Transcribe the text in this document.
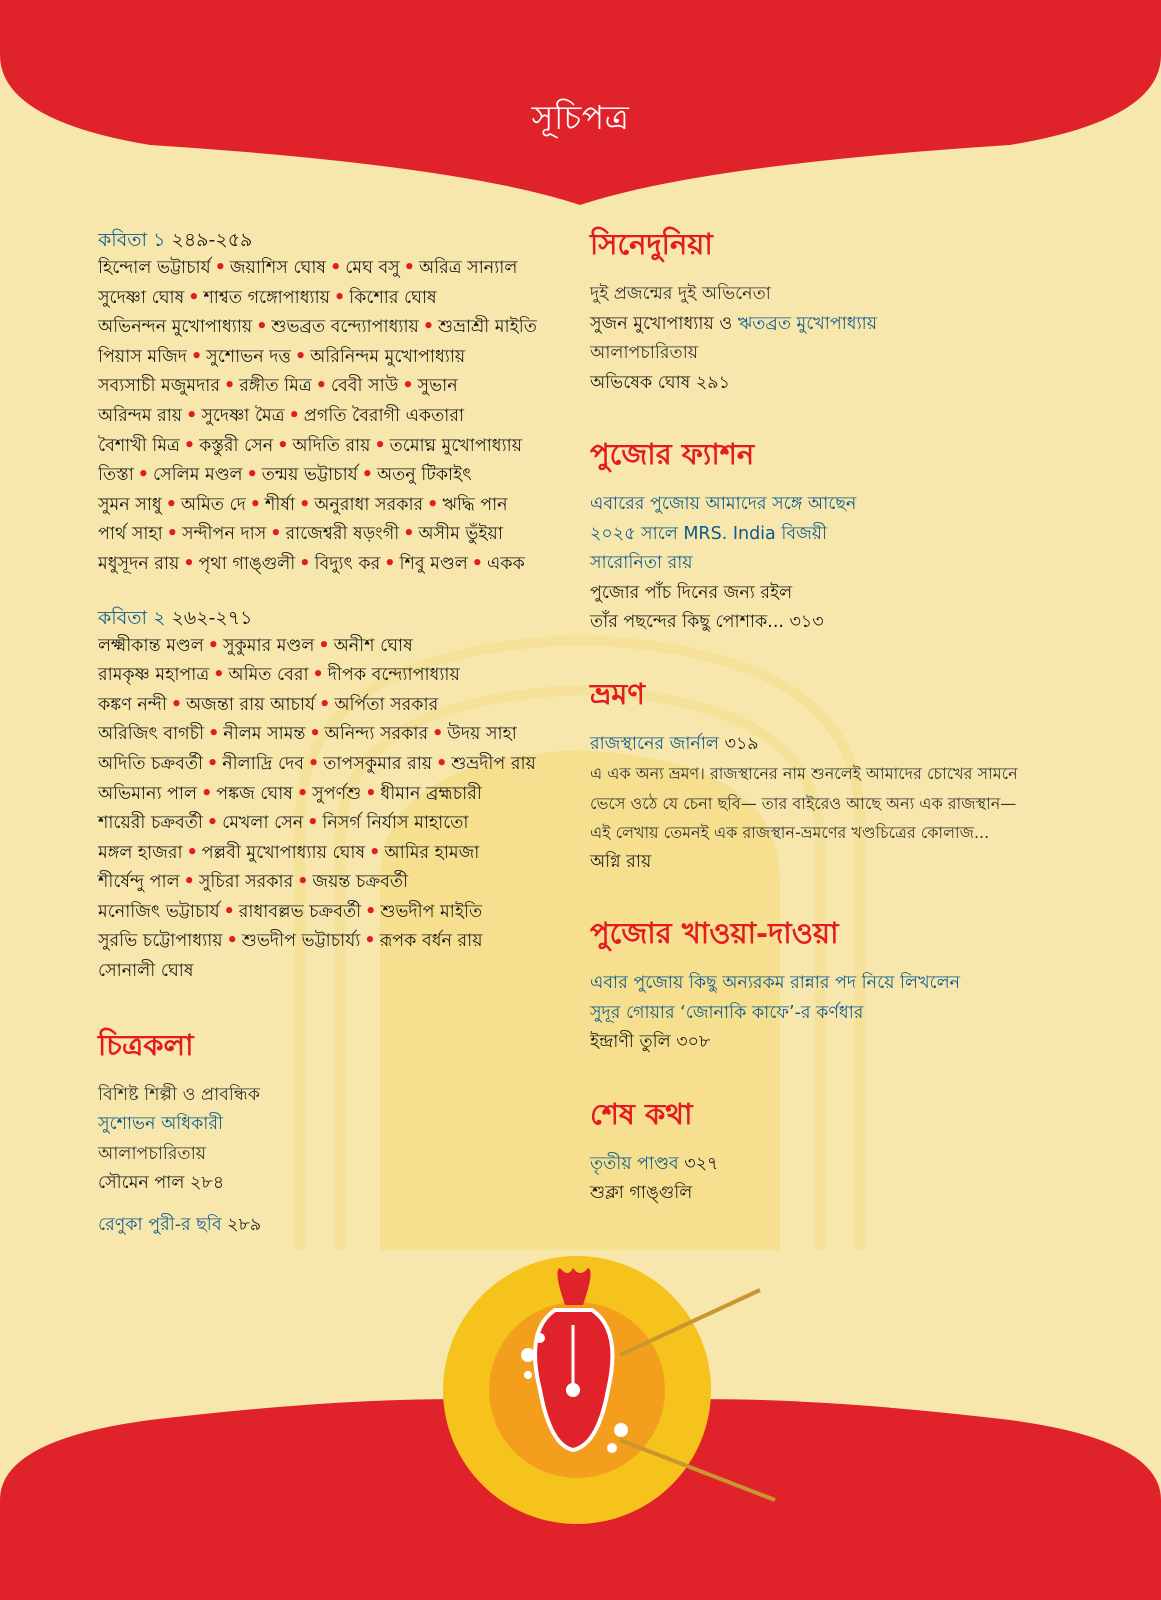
সূচিপত্র

কবিতা ১ ২৪৯-২৫৯

হিন্দোল ভট্টাচার্য • জয়াশিস ঘোষ • মেঘ বসু • অরিত্র সান্যাল
সুদেষ্ণা ঘোষ • শাশ্বত গঙ্গোপাধ্যায় • কিশোর ঘোষ
অভিনন্দন মুখোপাধ্যায় • শুভব্রত বন্দ্যোপাধ্যায় • শুভ্রাশ্রী মাইতি
পিয়াস মজিদ • সুশোভন দত্ত • অরিনিন্দম মুখোপাধ্যায়
সব্যসাচী মজুমদার • রঙ্গীত মিত্র • বেবী সাউ • সুভান
অরিন্দম রায় • সুদেষ্ণা মৈত্র • প্রগতি বৈরাগী একতারা
বৈশাখী মিত্র • কস্তুরী সেন • অদিতি রায় • তমোঘ্ন মুখোপাধ্যায়
তিস্তা • সেলিম মণ্ডল • তন্ময় ভট্টাচার্য • অতনু টিকাইৎ
সুমন সাধু • অমিত দে • শীর্ষা • অনুরাধা সরকার • ঋদ্ধি পান
পার্থ সাহা • সন্দীপন দাস • রাজেশ্বরী ষড়ংগী • অসীম ভুঁইয়া
মধুসূদন রায় • পৃথা গাঙ্গুলী • বিদ্যুৎ কর • শিবু মণ্ডল • একক

কবিতা ২ ২৬২-২৭১

লক্ষ্মীকান্ত মণ্ডল • সুকুমার মণ্ডল • অনীশ ঘোষ
রামকৃষ্ণ মহাপাত্র • অমিত বেরা • দীপক বন্দ্যোপাধ্যায়
কঙ্কণ নন্দী • অজন্তা রায় আচার্য • অর্পিতা সরকার
অরিজিৎ বাগচী • নীলম সামন্ত • অনিন্দ্য সরকার • উদয় সাহা
অদিতি চক্রবর্তী • নীলাদ্রি দেব • তাপসকুমার রায় • শুভ্রদীপ রায়
অভিমান্য পাল • পঙ্কজ ঘোষ • সুপর্ণশু • ধীমান ব্রহ্মচারী
শায়েরী চক্রবর্তী • মেখলা সেন • নিসর্গ নির্যাস মাহাতো
মঙ্গল হাজরা • পল্লবী মুখোপাধ্যায় ঘোষ • আমির হামজা
শীর্ষেন্দু পাল • সুচিরা সরকার • জয়ন্ত চক্রবর্তী
মনোজিৎ ভট্টাচার্য • রাধাবল্লভ চক্রবর্তী • শুভদীপ মাইতি
সুরভি চট্টোপাধ্যায় • শুভদীপ ভট্টাচার্য্য • রূপক বর্ধন রায়
সোনালী ঘোষ
চিত্রকলা
বিশিষ্ট শিল্পী ও প্রাবন্ধিক
সুশোভন অধিকারী
আলাপচারিতায়
সৌমেন পাল ২৮৪
রেণুকা পুরী-র ছবি ২৮৯
সিনেদুনিয়া
দুই প্রজন্মের দুই অভিনেতা
সুজন মুখোপাধ্যায় ও ঋতব্রত মুখোপাধ্যায়
আলাপচারিতায়
অভিষেক ঘোষ ২৯১
পুজোর ফ্যাশন
এবারের পুজোয় আমাদের সঙ্গে আছেন
২০২৫ সালে MRS. India বিজয়ী
সারোনিতা রায়
পুজোর পাঁচ দিনের জন্য রইল
তাঁর পছন্দের কিছু পোশাক... ৩১৩
ভ্রমণ
রাজস্থানের জার্নাল ৩১৯
এ এক অন্য ভ্রমণ। রাজস্থানের নাম শুনলেই আমাদের চোখের সামনে
ভেসে ওঠে যে চেনা ছবি— তার বাইরেও আছে অন্য এক রাজস্থান—
এই লেখায় তেমনই এক রাজস্থান-ভ্রমণের খণ্ডচিত্রের কোলাজ...
অগ্নি রায়
পুজোর খাওয়া-দাওয়া
এবার পুজোয় কিছু অন্যরকম রান্নার পদ নিয়ে লিখলেন
সুদূর গোয়ার ‘জোনাকি কাফে’-র কর্ণধার
ইন্দ্রাণী তুলি ৩০৮
শেষ কথা
তৃতীয় পাণ্ডব ৩২৭
শুক্লা গাঙ্গুলি
